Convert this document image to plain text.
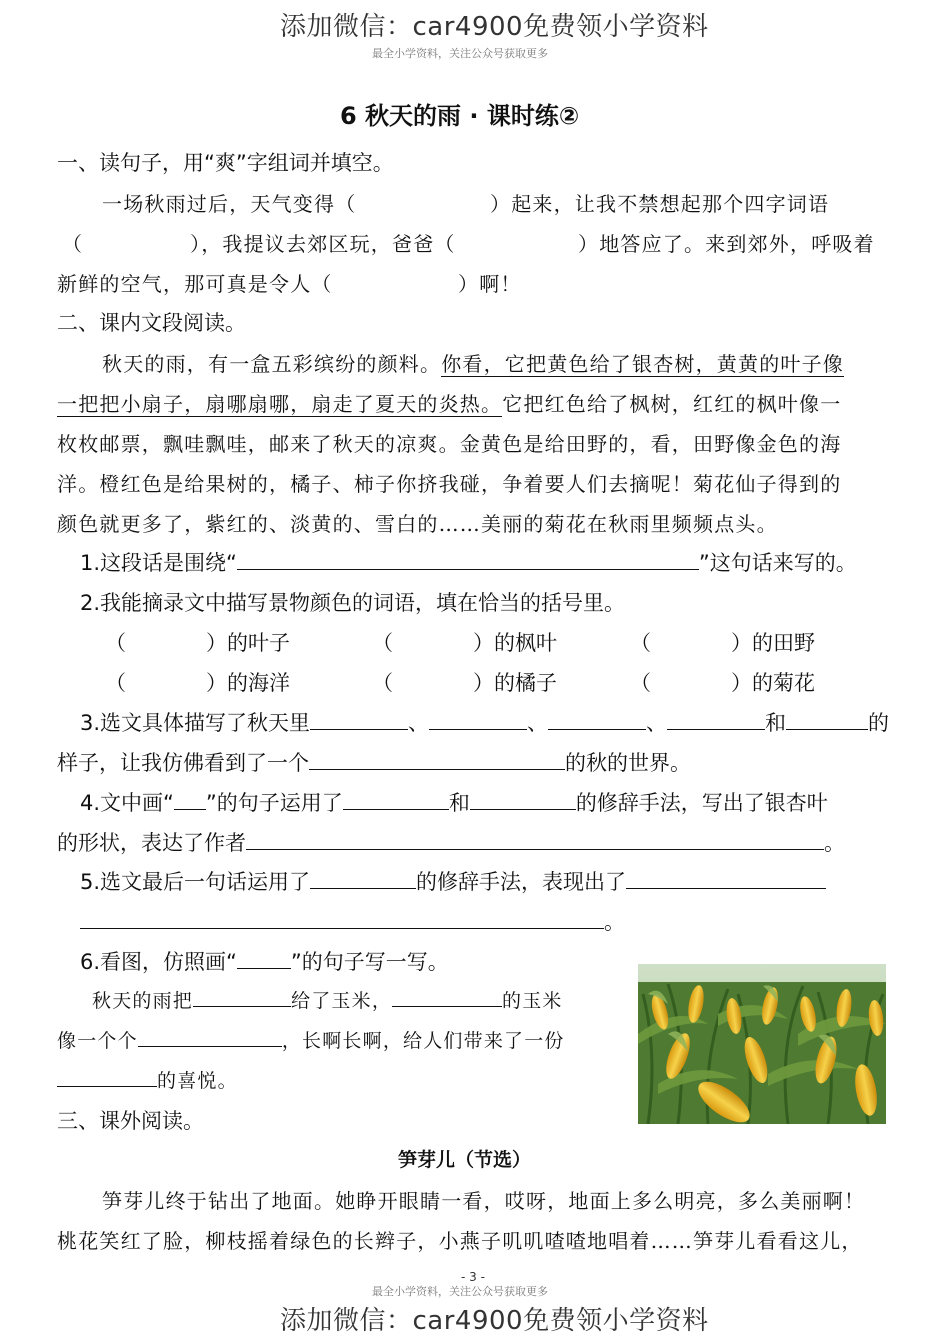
添加微信：car4900免费领小学资料
最全小学资料，关注公众号获取更多
6 秋天的雨 · 课时练②
一、读句子，用“爽”字组词并填空。
一场秋雨过后，天气变得（	）起来，让我不禁想起那个四字词语
（	），我提议去郊区玩，爸爸（	）地答应了。来到郊外，呼吸着
新鲜的空气，那可真是令人（	）啊！
二、课内文段阅读。
秋天的雨，有一盒五彩缤纷的颜料。你看，它把黄色给了银杏树，黄黄的叶子像
一把把小扇子，扇哪扇哪，扇走了夏天的炎热。它把红色给了枫树，红红的枫叶像一
枚枚邮票，飘哇飘哇，邮来了秋天的凉爽。金黄色是给田野的，看，田野像金色的海
洋。橙红色是给果树的，橘子、柿子你挤我碰，争着要人们去摘呢！菊花仙子得到的
颜色就更多了，紫红的、淡黄的、雪白的……美丽的菊花在秋雨里频频点头。
1.这段话是围绕“	”这句话来写的。
2.我能摘录文中描写景物颜色的词语，填在恰当的括号里。
（	）的叶子	（	）的枫叶	（	）的田野
（	）的海洋	（	）的橘子	（	）的菊花
3.选文具体描写了秋天里	、	、	、	和	的
样子，让我仿佛看到了一个	的秋的世界。
4.文中画“ ”的句子运用了	和	的修辞手法，写出了银杏叶
的形状，表达了作者	。
5.选文最后一句话运用了	的修辞手法，表现出了
。
6.看图，仿照画“	”的句子写一写。
秋天的雨把	给了玉米，	的玉米
像一个个	，长啊长啊，给人们带来了一份
的喜悦。
三、课外阅读。
笋芽儿（节选）
笋芽儿终于钻出了地面。她睁开眼睛一看，哎呀，地面上多么明亮，多么美丽啊！
桃花笑红了脸，柳枝摇着绿色的长辫子，小燕子叽叽喳喳地唱着……笋芽儿看看这儿，
- 3 -
最全小学资料，关注公众号获取更多
添加微信：car4900免费领小学资料
